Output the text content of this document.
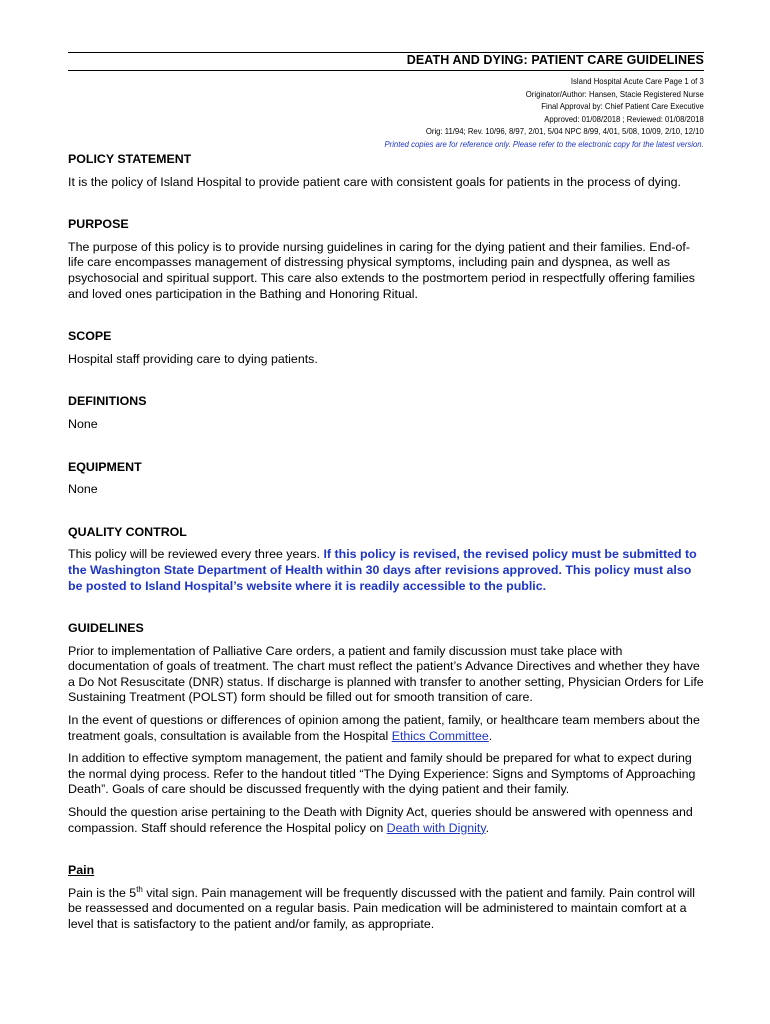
DEATH AND DYING: PATIENT CARE GUIDELINES
Island Hospital Acute Care Page 1 of 3
Originator/Author: Hansen, Stacie Registered Nurse
Final Approval by: Chief Patient Care Executive
Approved: 01/08/2018 ; Reviewed: 01/08/2018
Orig: 11/94; Rev. 10/96, 8/97, 2/01, 5/04 NPC 8/99, 4/01, 5/08, 10/09, 2/10, 12/10
Printed copies are for reference only. Please refer to the electronic copy for the latest version.
POLICY STATEMENT

It is the policy of Island Hospital to provide patient care with consistent goals for patients in the process of dying.

PURPOSE

The purpose of this policy is to provide nursing guidelines in caring for the dying patient and their families. End-of-life care encompasses management of distressing physical symptoms, including pain and dyspnea, as well as psychosocial and spiritual support. This care also extends to the postmortem period in respectfully offering families and loved ones participation in the Bathing and Honoring Ritual.

SCOPE

Hospital staff providing care to dying patients.

DEFINITIONS

None

EQUIPMENT

None

QUALITY CONTROL

This policy will be reviewed every three years. If this policy is revised, the revised policy must be submitted to the Washington State Department of Health within 30 days after revisions approved. This policy must also be posted to Island Hospital’s website where it is readily accessible to the public.

GUIDELINES

Prior to implementation of Palliative Care orders, a patient and family discussion must take place with documentation of goals of treatment. The chart must reflect the patient’s Advance Directives and whether they have a Do Not Resuscitate (DNR) status. If discharge is planned with transfer to another setting, Physician Orders for Life Sustaining Treatment (POLST) form should be filled out for smooth transition of care.

In the event of questions or differences of opinion among the patient, family, or healthcare team members about the treatment goals, consultation is available from the Hospital Ethics Committee.

In addition to effective symptom management, the patient and family should be prepared for what to expect during the normal dying process. Refer to the handout titled “The Dying Experience: Signs and Symptoms of Approaching Death”. Goals of care should be discussed frequently with the dying patient and their family.

Should the question arise pertaining to the Death with Dignity Act, queries should be answered with openness and compassion. Staff should reference the Hospital policy on Death with Dignity.

Pain

Pain is the 5th vital sign. Pain management will be frequently discussed with the patient and family. Pain control will be reassessed and documented on a regular basis. Pain medication will be administered to maintain comfort at a level that is satisfactory to the patient and/or family, as appropriate.
